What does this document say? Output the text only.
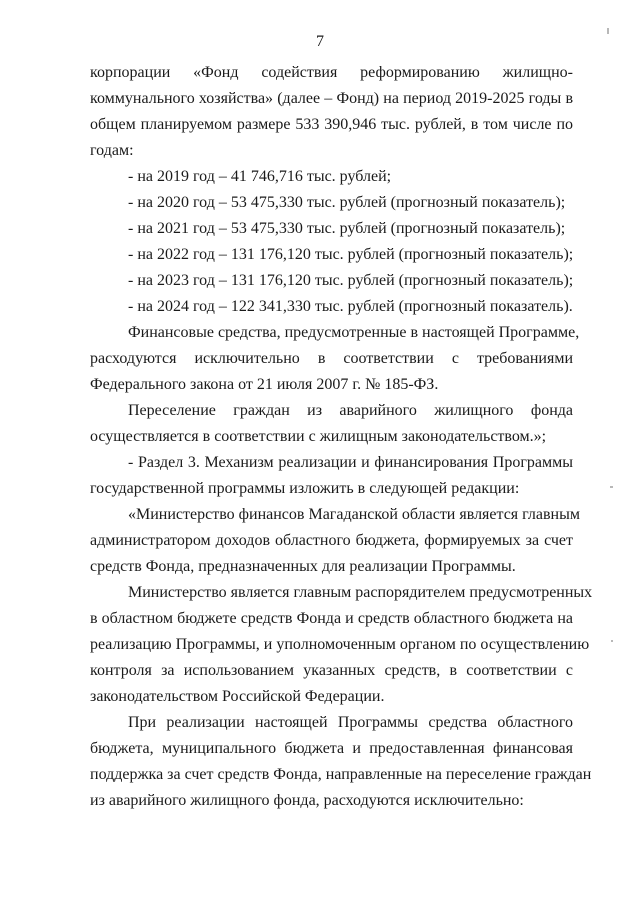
7
корпорации «Фонд содействия реформированию жилищно-
коммунального хозяйства» (далее – Фонд) на период 2019-2025 годы в
общем планируемом размере 533 390,946 тыс. рублей, в том числе по
годам:
- на 2019 год – 41 746,716 тыс. рублей;
- на 2020 год – 53 475,330 тыс. рублей (прогнозный показатель);
- на 2021 год – 53 475,330 тыс. рублей (прогнозный показатель);
- на 2022 год – 131 176,120 тыс. рублей (прогнозный показатель);
- на 2023 год – 131 176,120 тыс. рублей (прогнозный показатель);
- на 2024 год – 122 341,330 тыс. рублей (прогнозный показатель).
Финансовые средства, предусмотренные в настоящей Программе,
расходуются исключительно в соответствии с требованиями
Федерального закона от 21 июля 2007 г. № 185-ФЗ.
Переселение граждан из аварийного жилищного фонда
осуществляется в соответствии с жилищным законодательством.»;
- Раздел 3. Механизм реализации и финансирования Программы
государственной программы изложить в следующей редакции:
«Министерство финансов Магаданской области является главным
администратором доходов областного бюджета, формируемых за счет
средств Фонда, предназначенных для реализации Программы.
Министерство является главным распорядителем предусмотренных
в областном бюджете средств Фонда и средств областного бюджета на
реализацию Программы, и уполномоченным органом по осуществлению
контроля за использованием указанных средств, в соответствии с
законодательством Российской Федерации.
При реализации настоящей Программы средства областного
бюджета, муниципального бюджета и предоставленная финансовая
поддержка за счет средств Фонда, направленные на переселение граждан
из аварийного жилищного фонда, расходуются исключительно:
